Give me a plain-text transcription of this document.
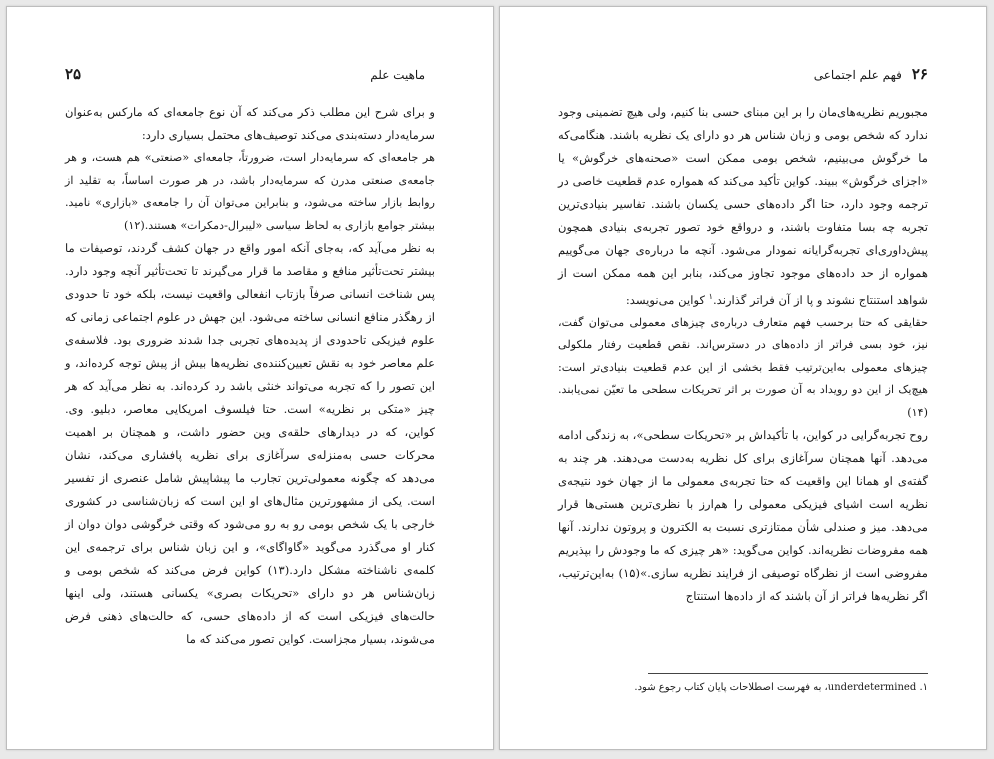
ماهیت علم
۲۵

و برای شرح این مطلب ذکر می‌کند که آن نوع جامعه‌ای که مارکس به‌عنوان سرمایه‌دار دسته‌بندی می‌کند توصیف‌های محتمل بسیاری دارد:

هر جامعه‌ای که سرمایه‌دار است، ضرورتاً، جامعه‌ای «صنعتی» هم هست، و هر جامعه‌ی صنعتی مدرن که سرمایه‌دار باشد، در هر صورت اساساً، به تقلید از روابط بازار ساخته می‌شود، و بنابراین می‌توان آن را جامعه‌ی «بازاری» نامید. بیشتر جوامع بازاری به لحاظ سیاسی «لیبرال-دمکرات» هستند.(۱۲)

به نظر می‌آید که، به‌جای آنکه امور واقع در جهان کشف گردند، توصیفات ما بیشتر تحت‌تأثیر منافع و مقاصد ما قرار می‌گیرند تا تحت‌تأثیر آنچه وجود دارد. پس شناخت انسانی صرفاً بازتاب انفعالی واقعیت نیست، بلکه خود تا حدودی از رهگذر منافع انسانی ساخته می‌شود. این جهش در علوم اجتماعی زمانی که علوم فیزیکی تاحدودی از پدیده‌های تجربی جدا شدند ضروری بود. فلاسفه‌ی علم معاصر خود به نقش تعیین‌کننده‌ی نظریه‌ها بیش از پیش توجه کرده‌اند، و این تصور را که تجربه می‌تواند خنثی باشد رد کرده‌اند. به نظر می‌آید که هر چیز «متکی بر نظریه» است. حتا فیلسوف امریکایی معاصر، دبلیو. وی. کواین، که در دیدارهای حلقه‌ی وین حضور داشت، و همچنان بر اهمیت محرکات حسی به‌منزله‌ی سرآغازی برای نظریه پافشاری می‌کند، نشان می‌دهد که چگونه معمولی‌ترین تجارب ما پیشاپیش شامل عنصری از تفسیر است. یکی از مشهورترین مثال‌های او این است که زبان‌شناسی در کشوری خارجی با یک شخص بومی رو به رو می‌شود که وقتی خرگوشی دوان دوان از کنار او می‌گذرد می‌گوید «گاواگای»، و این زبان شناس برای ترجمه‌ی این کلمه‌ی ناشناخته مشکل دارد.(۱۳) کواین فرض می‌کند که شخص بومی و زبان‌شناس هر دو دارای «تحریکات بصری» یکسانی هستند، ولی اینها حالت‌های فیزیکی است که از داده‌های حسی، که حالت‌های ذهنی فرض می‌شوند، بسیار مجزاست. کواین تصور می‌کند که ما

۲۶
فهم علم اجتماعی

مجبوریم نظریه‌های‌مان را بر این مبنای حسی بنا کنیم، ولی هیچ تضمینی وجود ندارد که شخص بومی و زبان شناس هر دو دارای یک نظریه باشند. هنگامی‌که ما خرگوش می‌بینیم، شخص بومی ممکن است «صحنه‌های خرگوش» یا «اجزای خرگوش» ببیند. کواین تأکید می‌کند که همواره عدم قطعیت خاصی در ترجمه وجود دارد، حتا اگر داده‌های حسی یکسان باشند. تفاسیر بنیادی‌ترین تجربه چه بسا متفاوت باشند، و درواقع خود تصور تجربه‌ی بنیادی همچون پیش‌داوری‌ای تجربه‌گرایانه نمودار می‌شود. آنچه ما درباره‌ی جهان می‌گوییم همواره از حد داده‌های موجود تجاوز می‌کند، بنابر این همه ممکن است از شواهد استنتاج نشوند و پا از آن فراتر گذارند.$^۱$ کواین می‌نویسد:

حقایقی که حتا برحسب فهم متعارف درباره‌ی چیزهای معمولی می‌توان گفت، نیز، خود بسی فراتر از داده‌های در دسترس‌اند. نقص قطعیت رفتار ملکولی چیزهای معمولی به‌این‌ترتیب فقط بخشی از این عدم قطعیت بنیادی‌تر است: هیچ‌یک از این دو رویداد به آن صورت بر اثر تحریکات سطحی ما تعیّن نمی‌یابند.(۱۴)

روح تجربه‌گرایی در کواین، با تأکیداش بر «تحریکات سطحی»، به زندگی ادامه می‌دهد. آنها همچنان سرآغازی برای کل نظریه به‌دست می‌دهند. هر چند به گفته‌ی او همانا این واقعیت که حتا تجربه‌ی معمولی ما از جهان خود نتیجه‌ی نظریه است اشیای فیزیکی معمولی را هم‌ارز با نظری‌ترین هستی‌ها قرار می‌دهد. میز و صندلی شأن ممتازتری نسبت به الکترون و پروتون ندارند. آنها همه مفروضات نظریه‌اند. کواین می‌گوید: «هر چیزی که ما وجودش را بپذیریم مفروضی است از نظرگاه توصیفی از فرایند نظریه سازی.»(۱۵) به‌این‌ترتیب، اگر نظریه‌ها فراتر از آن باشند که از داده‌ها استنتاج

۱. underdetermined، به فهرست اصطلاحات پایان کتاب رجوع شود.
